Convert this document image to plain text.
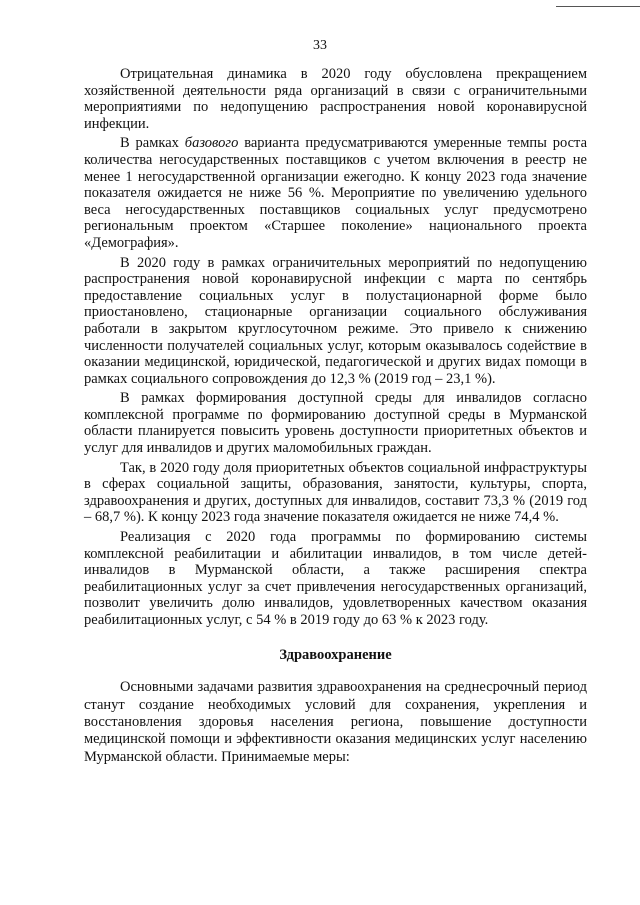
33

Отрицательная динамика в 2020 году обусловлена прекращением хозяйственной деятельности ряда организаций в связи с ограничительными мероприятиями по недопущению распространения новой коронавирусной инфекции.

В рамках базового варианта предусматриваются умеренные темпы роста количества негосударственных поставщиков с учетом включения в реестр не менее 1 негосударственной организации ежегодно. К концу 2023 года значение показателя ожидается не ниже 56 %. Мероприятие по увеличению удельного веса негосударственных поставщиков социальных услуг предусмотрено региональным проектом «Старшее поколение» национального проекта «Демография».

В 2020 году в рамках ограничительных мероприятий по недопущению распространения новой коронавирусной инфекции с марта по сентябрь предоставление социальных услуг в полустационарной форме было приостановлено, стационарные организации социального обслуживания работали в закрытом круглосуточном режиме. Это привело к снижению численности получателей социальных услуг, которым оказывалось содействие в оказании медицинской, юридической, педагогической и других видах помощи в рамках социального сопровождения до 12,3 % (2019 год – 23,1 %).

В рамках формирования доступной среды для инвалидов согласно комплексной программе по формированию доступной среды в Мурманской области планируется повысить уровень доступности приоритетных объектов и услуг для инвалидов и других маломобильных граждан.

Так, в 2020 году доля приоритетных объектов социальной инфраструктуры в сферах социальной защиты, образования, занятости, культуры, спорта, здравоохранения и других, доступных для инвалидов, составит 73,3 % (2019 год – 68,7 %). К концу 2023 года значение показателя ожидается не ниже 74,4 %.

Реализация с 2020 года программы по формированию системы комплексной реабилитации и абилитации инвалидов, в том числе детей-инвалидов в Мурманской области, а также расширения спектра реабилитационных услуг за счет привлечения негосударственных организаций, позволит увеличить долю инвалидов, удовлетворенных качеством оказания реабилитационных услуг, с 54 % в 2019 году до 63 % к 2023 году.

Здравоохранение

Основными задачами развития здравоохранения на среднесрочный период станут создание необходимых условий для сохранения, укрепления и восстановления здоровья населения региона, повышение доступности медицинской помощи и эффективности оказания медицинских услуг населению Мурманской области. Принимаемые меры:
